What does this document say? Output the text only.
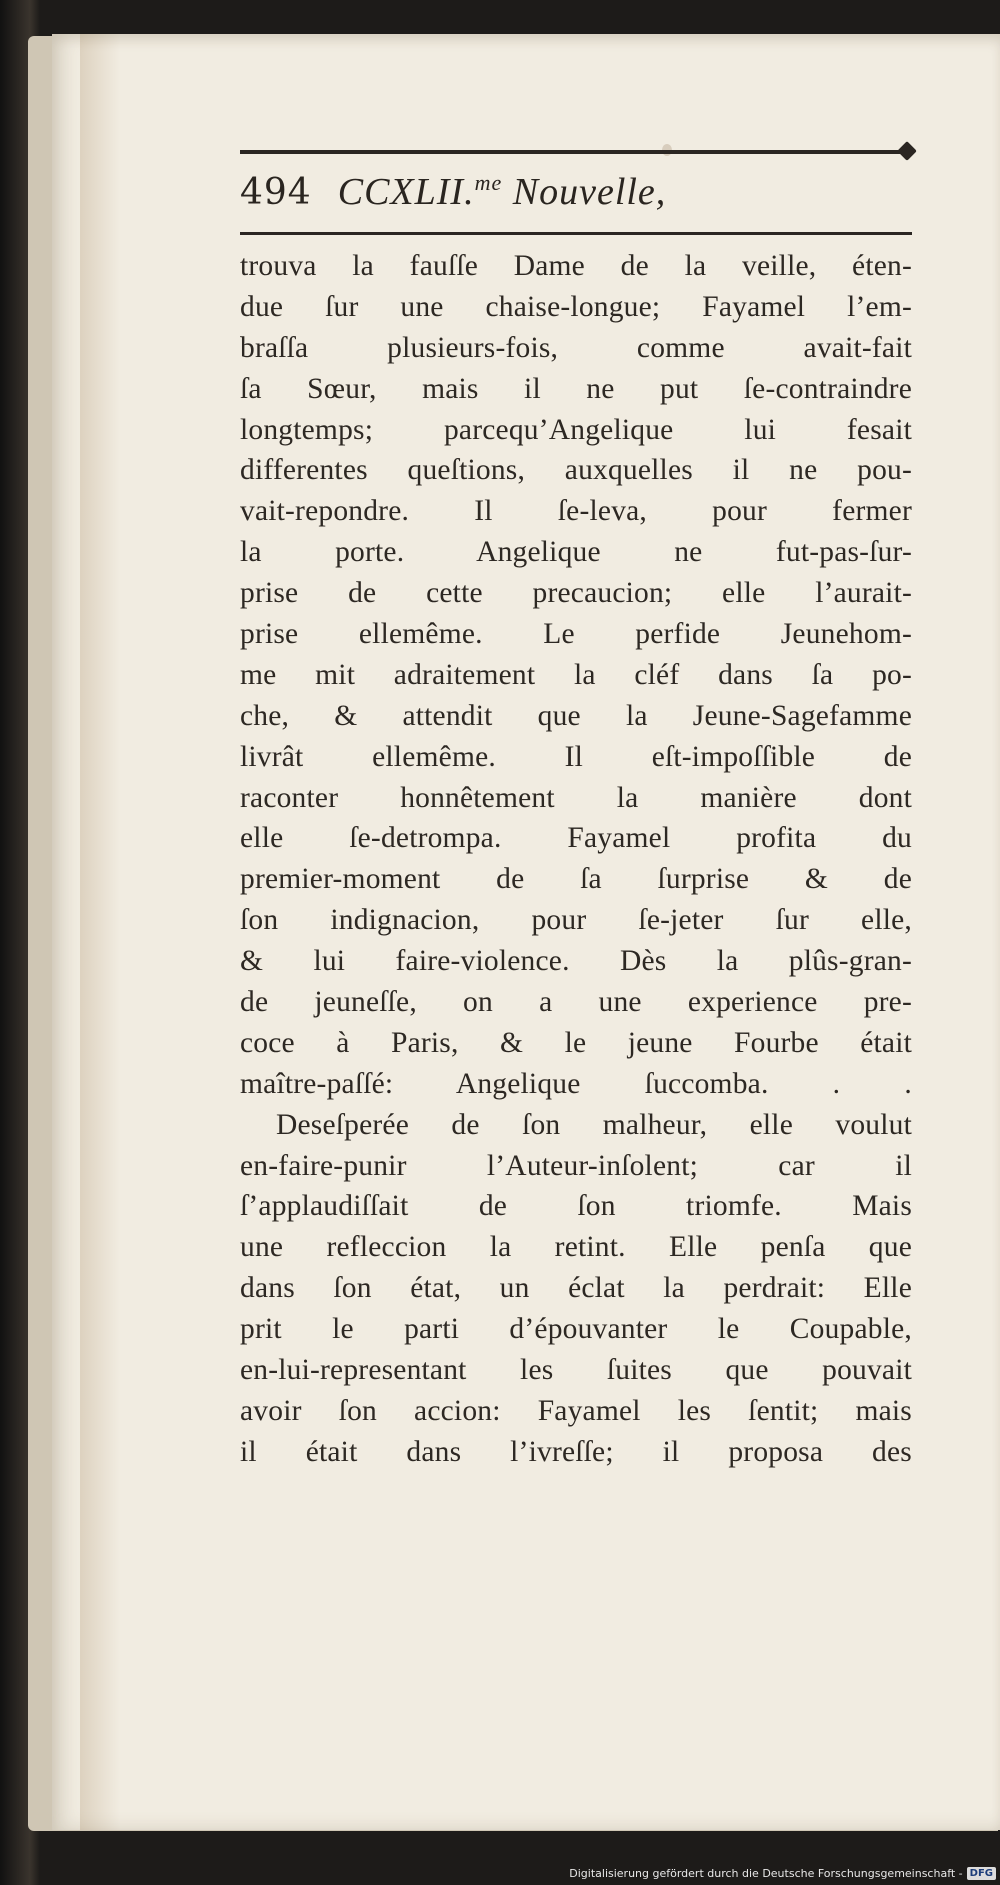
494 CCXLII.$^{me}$ Nouvelle,
trouva la fauſſe Dame de la veille, éten-
due ſur une chaise-longue; Fayamel l’em-
braſſa plusieurs-fois, comme avait-fait
ſa Sœur, mais il ne put ſe-contraindre
longtemps; parcequ’Angelique lui fesait
differentes queſtions, auxquelles il ne pou-
vait-repondre. Il ſe-leva, pour fermer
la porte. Angelique ne fut-pas-ſur-
prise de cette precaucion; elle l’aurait-
prise ellemême. Le perfide Jeunehom-
me mit adraitement la cléf dans ſa po-
che, & attendit que la Jeune-Sagefamme
livrât ellemême. Il eſt-impoſſible de
raconter honnêtement la manière dont
elle ſe-detrompa. Fayamel profita du
premier-moment de ſa ſurprise & de
ſon indignacion, pour ſe-jeter ſur elle,
& lui faire-violence. Dès la plûs-gran-
de jeuneſſe, on a une experience pre-
coce à Paris, & le jeune Fourbe était
maître-paſſé: Angelique ſuccomba. . .
Deseſperée de ſon malheur, elle voulut
en-faire-punir l’Auteur-inſolent; car il
ſ’applaudiſſait de ſon triomfe. Mais
une refleccion la retint. Elle penſa que
dans ſon état, un éclat la perdrait: Elle
prit le parti d’épouvanter le Coupable,
en-lui-representant les ſuites que pouvait
avoir ſon accion: Fayamel les ſentit; mais
il était dans l’ivreſſe; il proposa des
Digitalisierung gefördert durch die Deutsche Forschungsgemeinschaft - DFG
